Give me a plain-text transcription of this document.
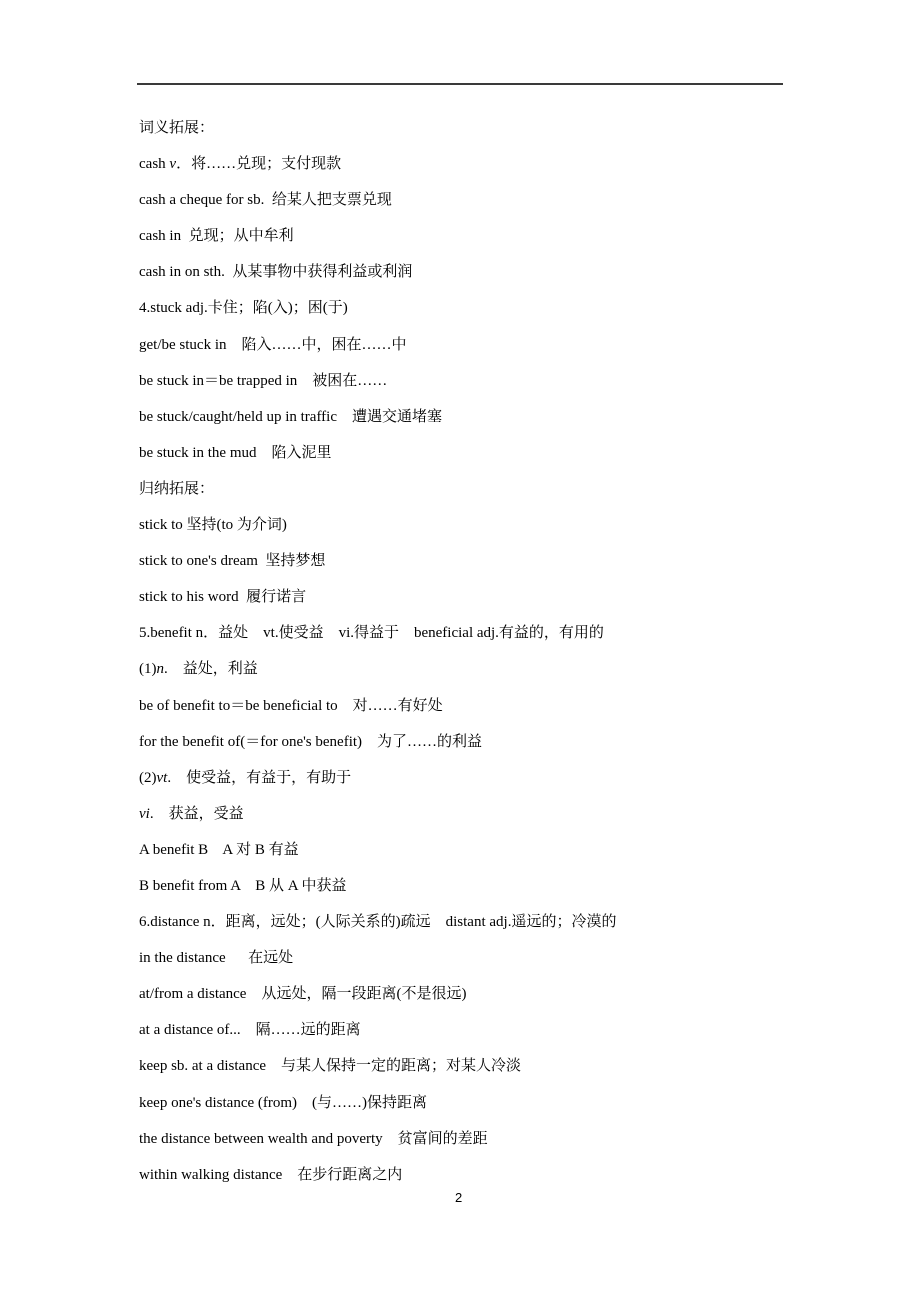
词义拓展：
cash v．将……兑现；支付现款
cash a cheque for sb.  给某人把支票兑现
cash in  兑现；从中牟利
cash in on sth.  从某事物中获得利益或利润
4.stuck adj.卡住；陷(入)；困(于)
get/be stuck in    陷入……中，困在……中
be stuck in＝be trapped in    被困在……
be stuck/caught/held up in traffic    遭遇交通堵塞
be stuck in the mud    陷入泥里
归纳拓展：
stick to 坚持(to 为介词)
stick to one's dream  坚持梦想
stick to his word  履行诺言
5.benefit n．益处    vt.使受益    vi.得益于    beneficial adj.有益的，有用的
(1)n.    益处，利益
be of benefit to＝be beneficial to    对……有好处
for the benefit of(＝for one's benefit)    为了……的利益
(2)vt.    使受益，有益于，有助于
vi.    获益，受益
A benefit B    A 对 B 有益
B benefit from A    B 从 A 中获益
6.distance n．距离，远处；(人际关系的)疏远    distant adj.遥远的；冷漠的
in the distance      在远处
at/from a distance    从远处，隔一段距离(不是很远)
at a distance of...    隔……远的距离
keep sb. at a distance    与某人保持一定的距离；对某人冷淡
keep one's distance (from)    (与……)保持距离
the distance between wealth and poverty    贫富间的差距
within walking distance    在步行距离之内
2
